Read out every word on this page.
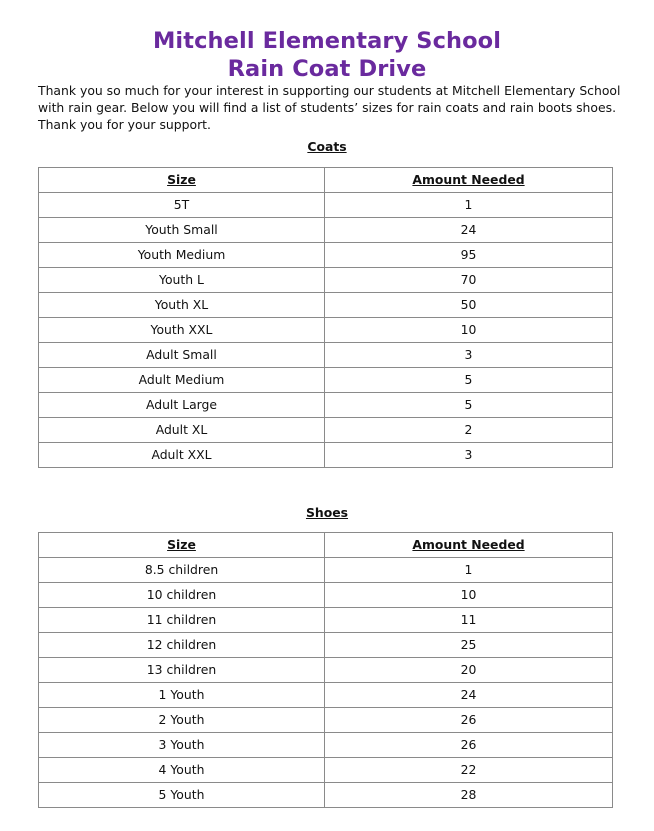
Mitchell Elementary School
Rain Coat Drive

Thank you so much for your interest in supporting our students at Mitchell Elementary School with rain gear. Below you will find a list of students’ sizes for rain coats and rain boots shoes. Thank you for your support.

Coats
Size	Amount Needed
5T	1
Youth Small	24
Youth Medium	95
Youth L	70
Youth XL	50
Youth XXL	10
Adult Small	3
Adult Medium	5
Adult Large	5
Adult XL	2
Adult XXL	3
Shoes
Size	Amount Needed
8.5 children	1
10 children	10
11 children	11
12 children	25
13 children	20
1 Youth	24
2 Youth	26
3 Youth	26
4 Youth	22
5 Youth	28
